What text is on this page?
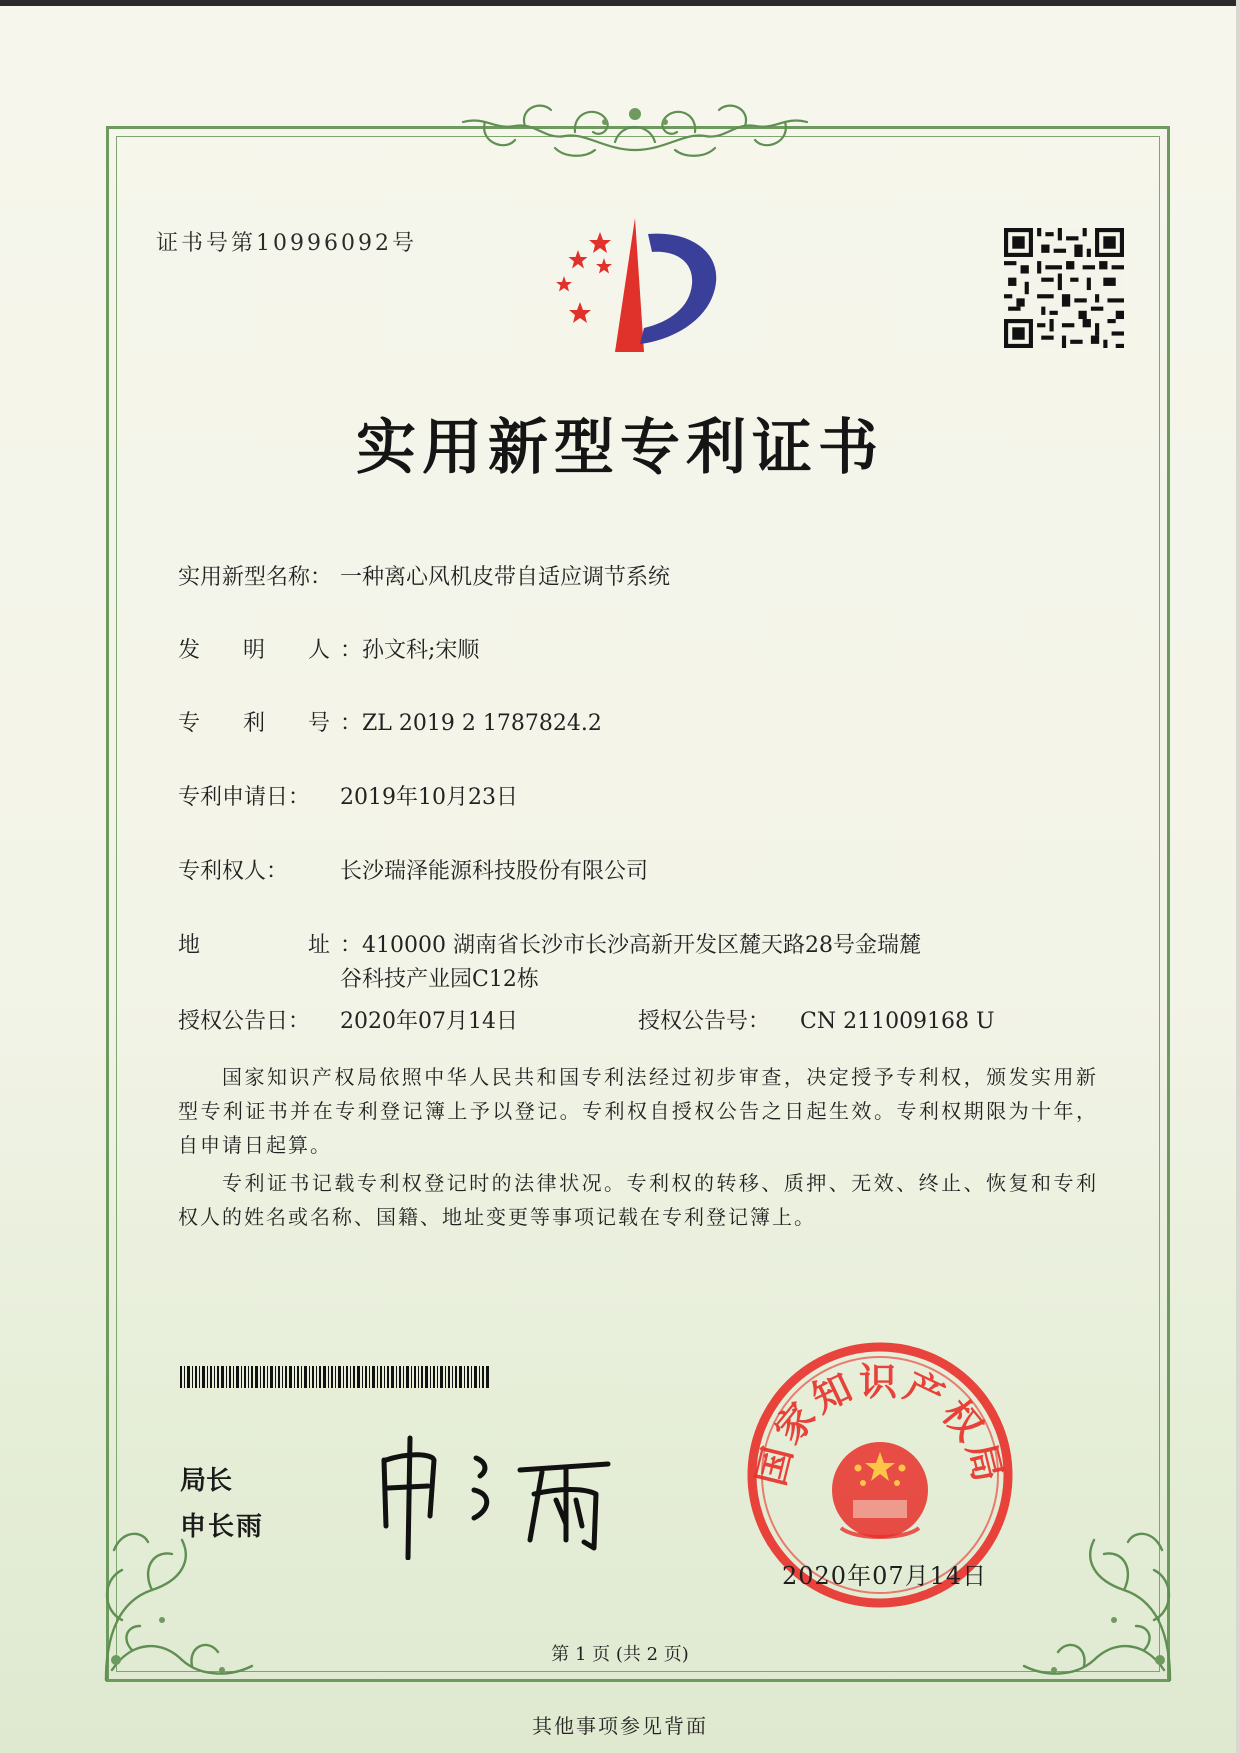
证书号第10996092号
实用新型专利证书
实用新型名称： 一种离心风机皮带自适应调节系统
发 明 人 ：孙文科;宋顺
专 利 号 ：ZL 2019 2 1787824.2
专利申请日： 2019年10月23日
专利权人： 长沙瑞泽能源科技股份有限公司
地	址 ：410000 湖南省长沙市长沙高新开发区麓天路28号金瑞麓
谷科技产业园C12栋
授权公告日： 2020年07月14日	授权公告号： CN 211009168 U
国家知识产权局依照中华人民共和国专利法经过初步审查，决定授予专利权，颁发实用新型专利证书并在专利登记簿上予以登记。专利权自授权公告之日起生效。专利权期限为十年，自申请日起算。
专利证书记载专利权登记时的法律状况。专利权的转移、质押、无效、终止、恢复和专利权人的姓名或名称、国籍、地址变更等事项记载在专利登记簿上。
局长
申长雨
国家知识产权局
2020年07月14日
第 1 页 (共 2 页)
其他事项参见背面
